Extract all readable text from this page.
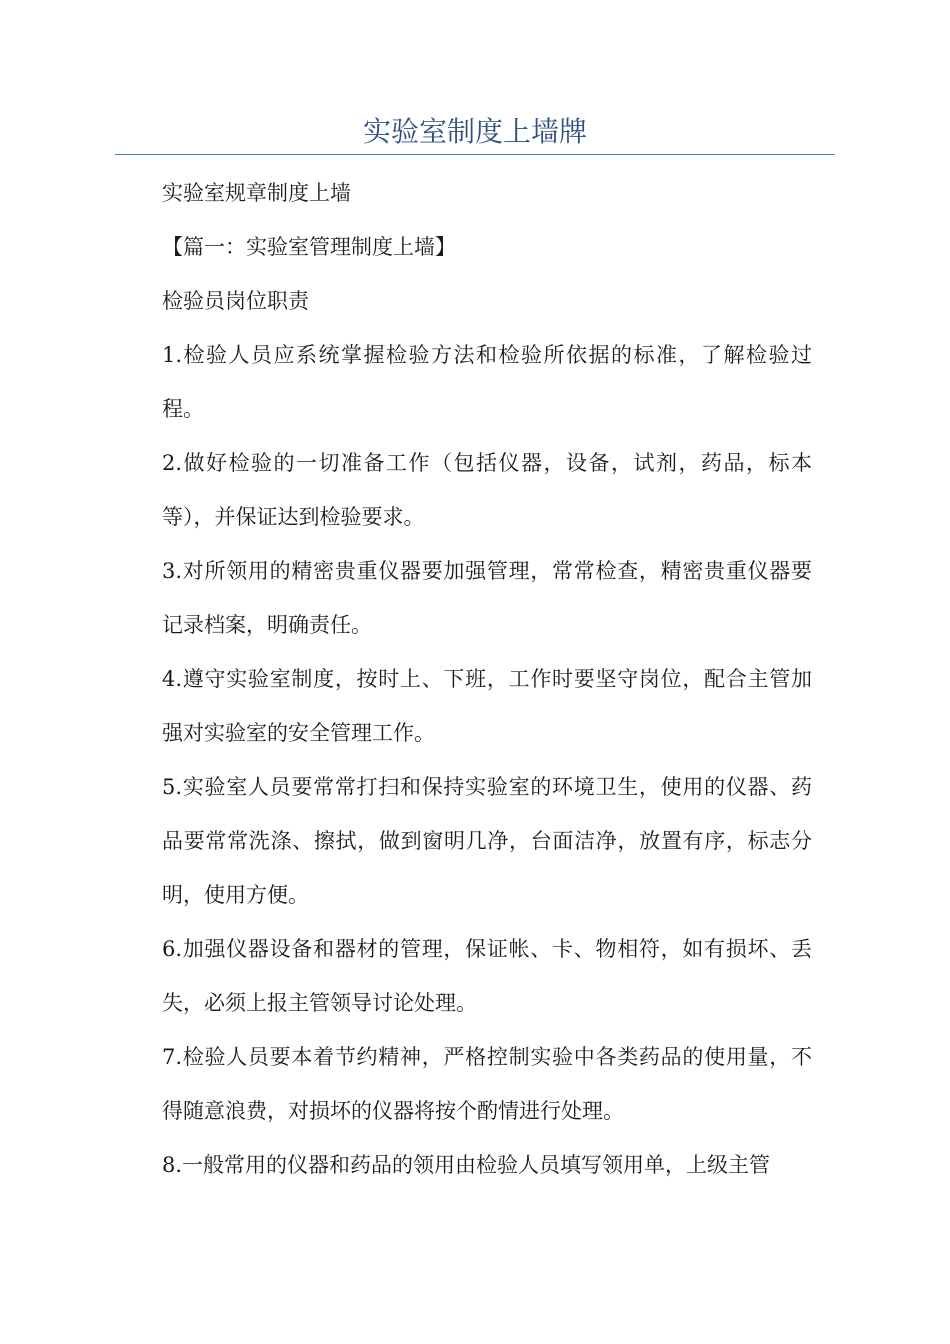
实验室制度上墙牌

实验室规章制度上墙

【篇一：实验室管理制度上墙】

检验员岗位职责

1.检验人员应系统掌握检验方法和检验所依据的标准，了解检验过程。

2.做好检验的一切准备工作（包括仪器，设备，试剂，药品，标本等），并保证达到检验要求。

3.对所领用的精密贵重仪器要加强管理，常常检查，精密贵重仪器要记录档案，明确责任。

4.遵守实验室制度，按时上、下班，工作时要坚守岗位，配合主管加强对实验室的安全管理工作。

5.实验室人员要常常打扫和保持实验室的环境卫生，使用的仪器、药品要常常洗涤、擦拭，做到窗明几净，台面洁净，放置有序，标志分明，使用方便。

6.加强仪器设备和器材的管理，保证帐、卡、物相符，如有损坏、丢失，必须上报主管领导讨论处理。

7.检验人员要本着节约精神，严格控制实验中各类药品的使用量，不得随意浪费，对损坏的仪器将按个酌情进行处理。

8.一般常用的仪器和药品的领用由检验人员填写领用单，上级主管
